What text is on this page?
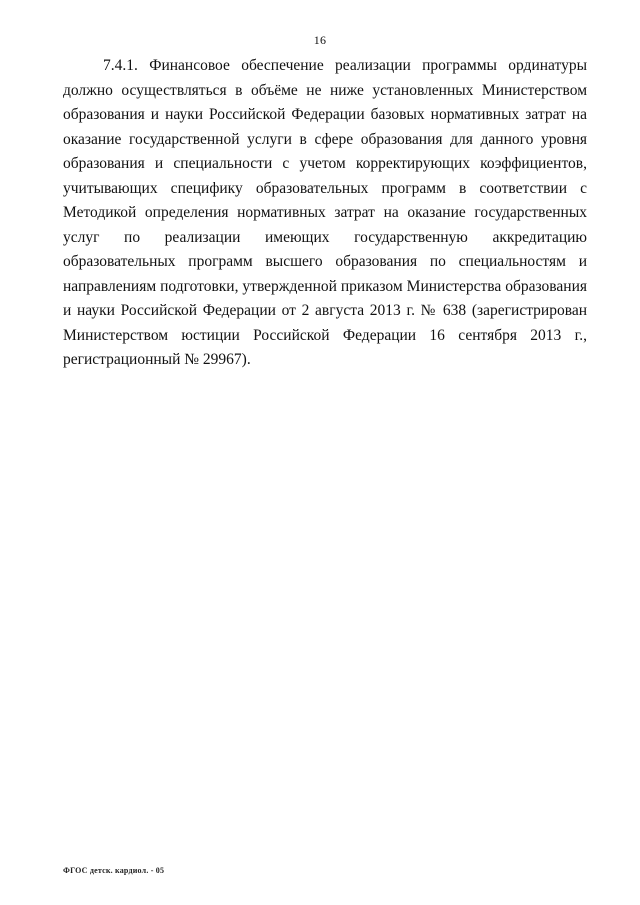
16

7.4.1. Финансовое обеспечение реализации программы ординатуры должно осуществляться в объёме не ниже установленных Министерством образования и науки Российской Федерации базовых нормативных затрат на оказание государственной услуги в сфере образования для данного уровня образования и специальности с учетом корректирующих коэффициентов, учитывающих специфику образовательных программ в соответствии с Методикой определения нормативных затрат на оказание государственных услуг по реализации имеющих государственную аккредитацию образовательных программ высшего образования по специальностям и направлениям подготовки, утвержденной приказом Министерства образования и науки Российской Федерации от 2 августа 2013 г. № 638 (зарегистрирован Министерством юстиции Российской Федерации 16 сентября 2013 г., регистрационный № 29967).

ФГОС детск. кардиол. - 05
